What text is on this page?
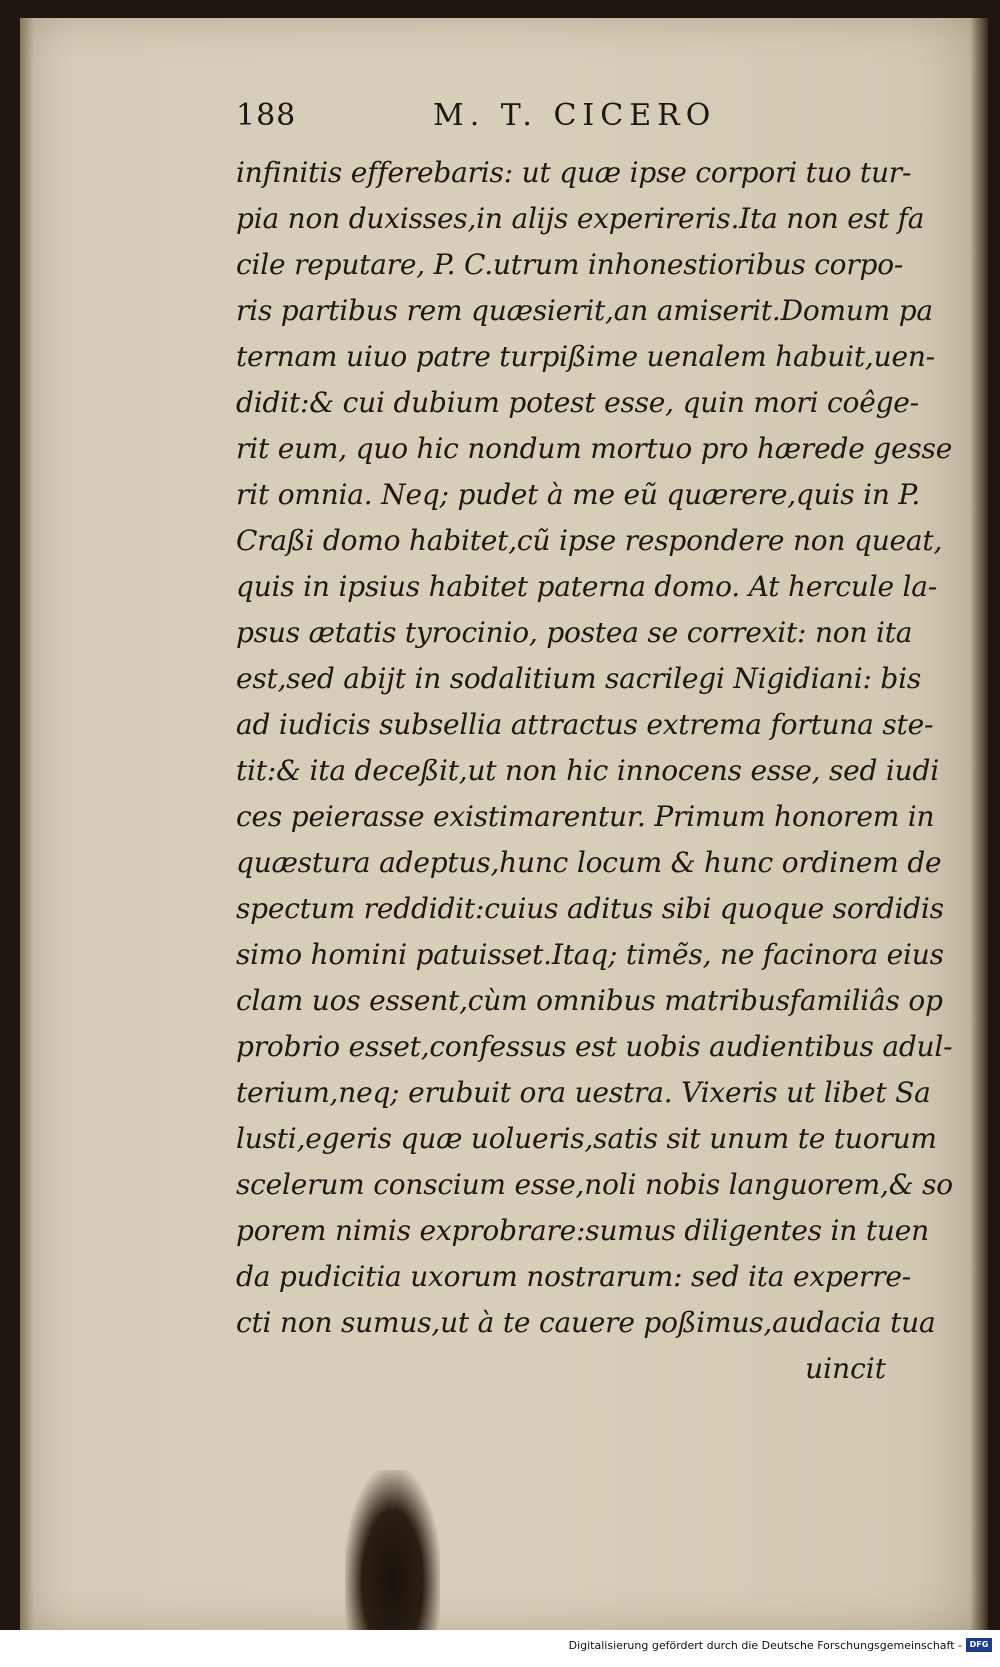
188	M. T. CICERO
infinitis efferebaris: ut quæ ipse corpori tuo tur-
pia non duxisses,in alijs experireris.Ita non est fa
cile reputare, P. C.utrum inhonestioribus corpo-
ris partibus rem quæsierit,an amiserit.Domum pa
ternam uiuo patre turpißime uenalem habuit,uen-
didit:& cui dubium potest esse, quin mori coêge-
rit eum, quo hic nondum mortuo pro hærede gesse
rit omnia. Neq; pudet à me eũ quærere,quis in P.
Craßi domo habitet,cũ ipse respondere non queat,
quis in ipsius habitet paterna domo. At hercule la-
psus ætatis tyrocinio, postea se correxit: non ita
est,sed abijt in sodalitium sacrilegi Nigidiani: bis
ad iudicis subsellia attractus extrema fortuna ste-
tit:& ita deceßit,ut non hic innocens esse, sed iudi
ces peierasse existimarentur. Primum honorem in
quæstura adeptus,hunc locum & hunc ordinem de
spectum reddidit:cuius aditus sibi quoque sordidis
simo homini patuisset.Itaq; timẽs, ne facinora eius
clam uos essent,cùm omnibus matribusfamiliâs op
probrio esset,confessus est uobis audientibus adul-
terium,neq; erubuit ora uestra. Vixeris ut libet Sa
lusti,egeris quæ uolueris,satis sit unum te tuorum
scelerum conscium esse,noli nobis languorem,& so
porem nimis exprobrare:sumus diligentes in tuen
da pudicitia uxorum nostrarum: sed ita experre-
cti non sumus,ut à te cauere poßimus,audacia tua
uincit
Digitalisierung gefördert durch die Deutsche Forschungsgemeinschaft - DFG
